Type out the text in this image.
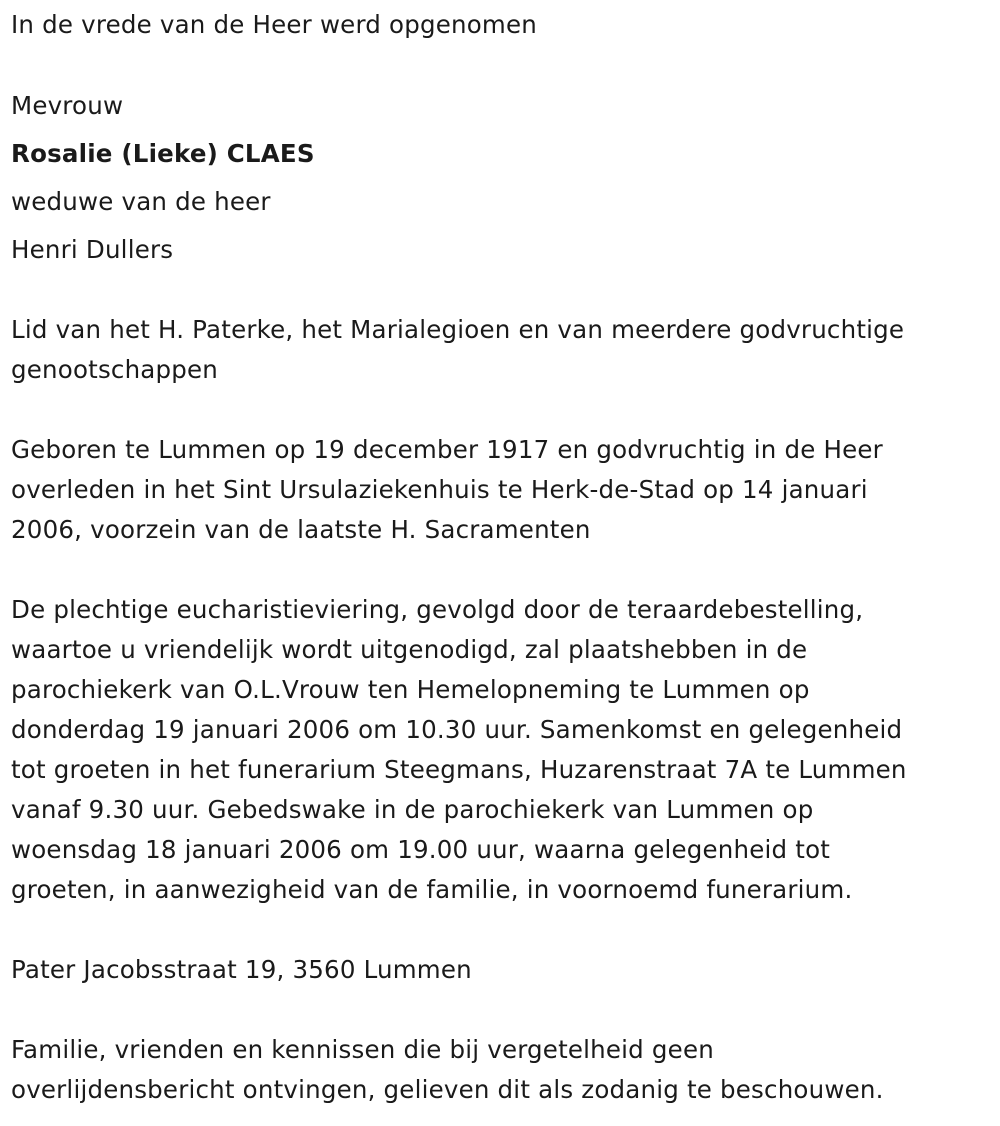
In de vrede van de Heer werd opgenomen
Mevrouw
Rosalie (Lieke) CLAES
weduwe van de heer
Henri Dullers
Lid van het H. Paterke, het Marialegioen en van meerdere godvruchtige
genootschappen
Geboren te Lummen op 19 december 1917 en godvruchtig in de Heer
overleden in het Sint Ursulaziekenhuis te Herk-de-Stad op 14 januari
2006, voorzein van de laatste H. Sacramenten
De plechtige eucharistieviering, gevolgd door de teraardebestelling,
waartoe u vriendelijk wordt uitgenodigd, zal plaatshebben in de
parochiekerk van O.L.Vrouw ten Hemelopneming te Lummen op
donderdag 19 januari 2006 om 10.30 uur. Samenkomst en gelegenheid
tot groeten in het funerarium Steegmans, Huzarenstraat 7A te Lummen
vanaf 9.30 uur. Gebedswake in de parochiekerk van Lummen op
woensdag 18 januari 2006 om 19.00 uur, waarna gelegenheid tot
groeten, in aanwezigheid van de familie, in voornoemd funerarium.
Pater Jacobsstraat 19, 3560 Lummen
Familie, vrienden en kennissen die bij vergetelheid geen
overlijdensbericht ontvingen, gelieven dit als zodanig te beschouwen.
